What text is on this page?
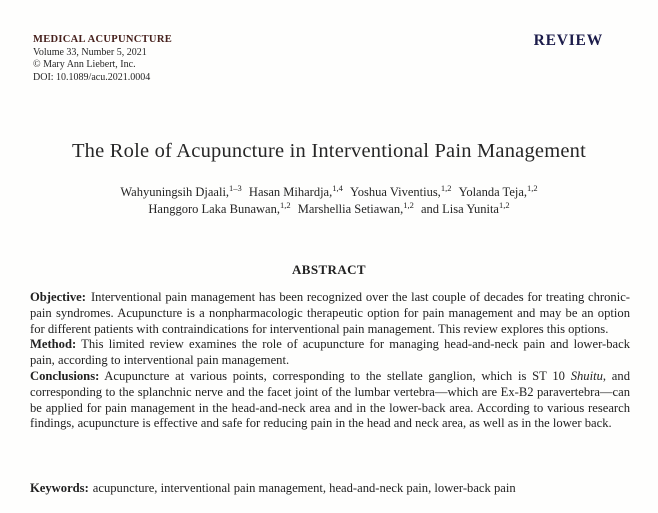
MEDICAL ACUPUNCTURE
Volume 33, Number 5, 2021
© Mary Ann Liebert, Inc.
DOI: 10.1089/acu.2021.0004
REVIEW
The Role of Acupuncture in Interventional Pain Management
Wahyuningsih Djaali,$^{1-3}$ Hasan Mihardja,$^{1,4}$ Yoshua Viventius,$^{1,2}$ Yolanda Teja,$^{1,2}$
Hanggoro Laka Bunawan,$^{1,2}$ Marshellia Setiawan,$^{1,2}$ and Lisa Yunita$^{1,2}$
ABSTRACT

Objective: Interventional pain management has been recognized over the last couple of decades for treating chronic-pain syndromes. Acupuncture is a nonpharmacologic therapeutic option for pain management and may be an option for different patients with contraindications for interventional pain management. This review explores this options.

Method: This limited review examines the role of acupuncture for managing head-and-neck pain and lower-back pain, according to interventional pain management.

Conclusions: Acupuncture at various points, corresponding to the stellate ganglion, which is ST 10 Shuitu, and corresponding to the splanchnic nerve and the facet joint of the lumbar vertebra—which are Ex-B2 paravertebra—can be applied for pain management in the head-and-neck area and in the lower-back area. According to various research findings, acupuncture is effective and safe for reducing pain in the head and neck area, as well as in the lower back.

Keywords: acupuncture, interventional pain management, head-and-neck pain, lower-back pain
